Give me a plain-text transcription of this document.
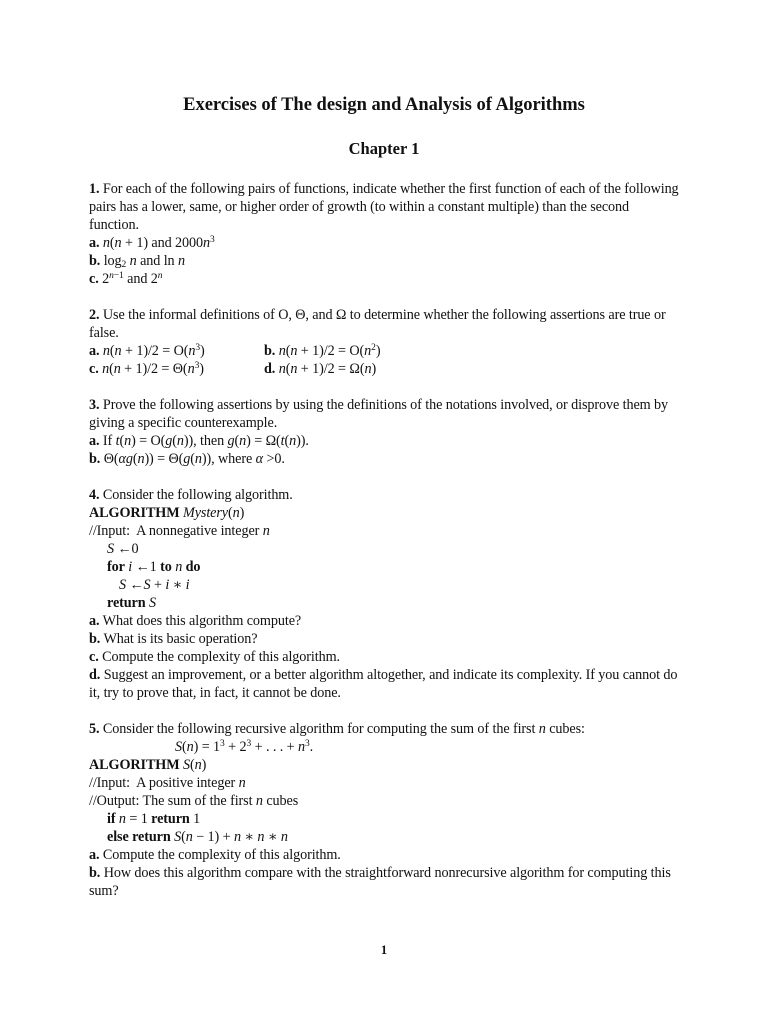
Exercises of The design and Analysis of Algorithms
Chapter 1

1. For each of the following pairs of functions, indicate whether the first function of each of the following pairs has a lower, same, or higher order of growth (to within a constant multiple) than the second function.

a. n(n + 1) and $2000n^3$

b. $\log_2 n$ and ln n

c. $2^{n-1}$ and 2$^n$

2. Use the informal definitions of O, Θ, and Ω to determine whether the following assertions are true or false.

a. $n(n + 1)/2 = O(n^3)$	b. $n(n + 1)/2 = O(n^2)$
c. $n(n + 1)/2 = \Theta(n^3)$	d. n(n + 1)/2 = Ω(n)

3. Prove the following assertions by using the definitions of the notations involved, or disprove them by giving a specific counterexample.

a. If t(n) = O(g(n)), then g(n) = Ω(t(n)).

b. Θ(αg(n)) = Θ(g(n)), where α >0.

4. Consider the following algorithm.

ALGORITHM Mystery(n)

//Input:  A nonnegative integer n

S ←0

for i ←1 to n do

S ←S + i ∗ i

return S

a. What does this algorithm compute?

b. What is its basic operation?

c. Compute the complexity of this algorithm.

d. Suggest an improvement, or a better algorithm altogether, and indicate its complexity. If you cannot do it, try to prove that, in fact, it cannot be done.

5. Consider the following recursive algorithm for computing the sum of the first n cubes:

$S(n) = 1^3 + 2^3$ + . . . + $n^3$.

ALGORITHM S(n)

//Input:  A positive integer n

//Output: The sum of the first n cubes

if n = 1 return 1

else return S(n − 1) + n ∗ n ∗ n

a. Compute the complexity of this algorithm.

b. How does this algorithm compare with the straightforward nonrecursive algorithm for computing this sum?

1
